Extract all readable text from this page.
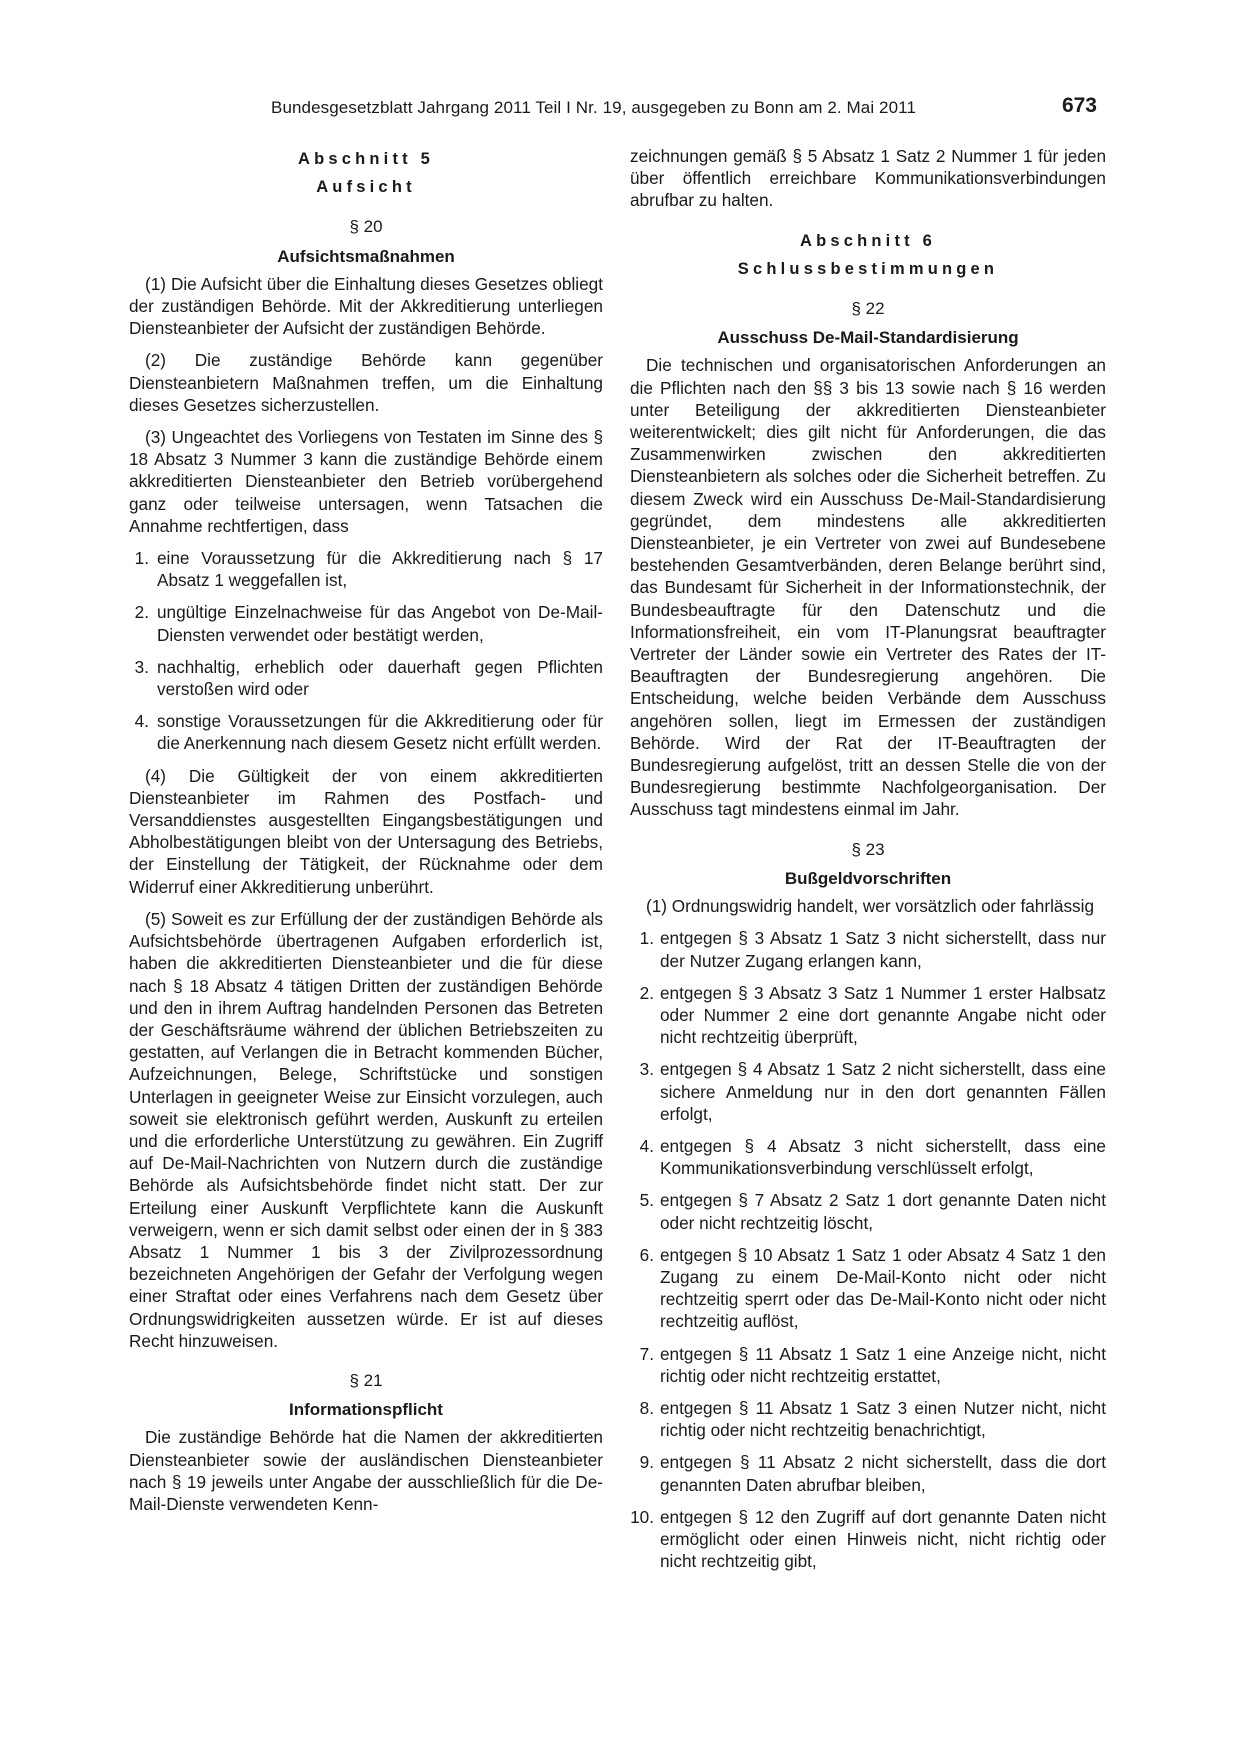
Bundesgesetzblatt Jahrgang 2011 Teil I Nr. 19, ausgegeben zu Bonn am 2. Mai 2011	673
Abschnitt 5
Aufsicht
§ 20
Aufsichtsmaßnahmen

(1) Die Aufsicht über die Einhaltung dieses Gesetzes obliegt der zuständigen Behörde. Mit der Akkreditierung unterliegen Diensteanbieter der Aufsicht der zuständigen Behörde.

(2) Die zuständige Behörde kann gegenüber Diensteanbietern Maßnahmen treffen, um die Einhaltung dieses Gesetzes sicherzustellen.

(3) Ungeachtet des Vorliegens von Testaten im Sinne des § 18 Absatz 3 Nummer 3 kann die zuständige Behörde einem akkreditierten Diensteanbieter den Betrieb vorübergehend ganz oder teilweise untersagen, wenn Tatsachen die Annahme rechtfertigen, dass

1. eine Voraussetzung für die Akkreditierung nach § 17 Absatz 1 weggefallen ist,
2. ungültige Einzelnachweise für das Angebot von De-Mail-Diensten verwendet oder bestätigt werden,
3. nachhaltig, erheblich oder dauerhaft gegen Pflichten verstoßen wird oder
4. sonstige Voraussetzungen für die Akkreditierung oder für die Anerkennung nach diesem Gesetz nicht erfüllt werden.

(4) Die Gültigkeit der von einem akkreditierten Diensteanbieter im Rahmen des Postfach- und Versanddienstes ausgestellten Eingangsbestätigungen und Abholbestätigungen bleibt von der Untersagung des Betriebs, der Einstellung der Tätigkeit, der Rücknahme oder dem Widerruf einer Akkreditierung unberührt.

(5) Soweit es zur Erfüllung der der zuständigen Behörde als Aufsichtsbehörde übertragenen Aufgaben erforderlich ist, haben die akkreditierten Diensteanbieter und die für diese nach § 18 Absatz 4 tätigen Dritten der zuständigen Behörde und den in ihrem Auftrag handelnden Personen das Betreten der Geschäftsräume während der üblichen Betriebszeiten zu gestatten, auf Verlangen die in Betracht kommenden Bücher, Aufzeichnungen, Belege, Schriftstücke und sonstigen Unterlagen in geeigneter Weise zur Einsicht vorzulegen, auch soweit sie elektronisch geführt werden, Auskunft zu erteilen und die erforderliche Unterstützung zu gewähren. Ein Zugriff auf De-Mail-Nachrichten von Nutzern durch die zuständige Behörde als Aufsichtsbehörde findet nicht statt. Der zur Erteilung einer Auskunft Verpflichtete kann die Auskunft verweigern, wenn er sich damit selbst oder einen der in § 383 Absatz 1 Nummer 1 bis 3 der Zivilprozessordnung bezeichneten Angehörigen der Gefahr der Verfolgung wegen einer Straftat oder eines Verfahrens nach dem Gesetz über Ordnungswidrigkeiten aussetzen würde. Er ist auf dieses Recht hinzuweisen.

§ 21
Informationspflicht

Die zuständige Behörde hat die Namen der akkreditierten Diensteanbieter sowie der ausländischen Diensteanbieter nach § 19 jeweils unter Angabe der ausschließlich für die De-Mail-Dienste verwendeten Kenn-

zeichnungen gemäß § 5 Absatz 1 Satz 2 Nummer 1 für jeden über öffentlich erreichbare Kommunikationsverbindungen abrufbar zu halten.

Abschnitt 6
Schlussbestimmungen
§ 22
Ausschuss De-Mail-Standardisierung

Die technischen und organisatorischen Anforderungen an die Pflichten nach den §§ 3 bis 13 sowie nach § 16 werden unter Beteiligung der akkreditierten Diensteanbieter weiterentwickelt; dies gilt nicht für Anforderungen, die das Zusammenwirken zwischen den akkreditierten Diensteanbietern als solches oder die Sicherheit betreffen. Zu diesem Zweck wird ein Ausschuss De-Mail-Standardisierung gegründet, dem mindestens alle akkreditierten Diensteanbieter, je ein Vertreter von zwei auf Bundesebene bestehenden Gesamtverbänden, deren Belange berührt sind, das Bundesamt für Sicherheit in der Informationstechnik, der Bundesbeauftragte für den Datenschutz und die Informationsfreiheit, ein vom IT-Planungsrat beauftragter Vertreter der Länder sowie ein Vertreter des Rates der IT-Beauftragten der Bundesregierung angehören. Die Entscheidung, welche beiden Verbände dem Ausschuss angehören sollen, liegt im Ermessen der zuständigen Behörde. Wird der Rat der IT-Beauftragten der Bundesregierung aufgelöst, tritt an dessen Stelle die von der Bundesregierung bestimmte Nachfolgeorganisation. Der Ausschuss tagt mindestens einmal im Jahr.

§ 23
Bußgeldvorschriften

(1) Ordnungswidrig handelt, wer vorsätzlich oder fahrlässig

1. entgegen § 3 Absatz 1 Satz 3 nicht sicherstellt, dass nur der Nutzer Zugang erlangen kann,
2. entgegen § 3 Absatz 3 Satz 1 Nummer 1 erster Halbsatz oder Nummer 2 eine dort genannte Angabe nicht oder nicht rechtzeitig überprüft,
3. entgegen § 4 Absatz 1 Satz 2 nicht sicherstellt, dass eine sichere Anmeldung nur in den dort genannten Fällen erfolgt,
4. entgegen § 4 Absatz 3 nicht sicherstellt, dass eine Kommunikationsverbindung verschlüsselt erfolgt,
5. entgegen § 7 Absatz 2 Satz 1 dort genannte Daten nicht oder nicht rechtzeitig löscht,
6. entgegen § 10 Absatz 1 Satz 1 oder Absatz 4 Satz 1 den Zugang zu einem De-Mail-Konto nicht oder nicht rechtzeitig sperrt oder das De-Mail-Konto nicht oder nicht rechtzeitig auflöst,
7. entgegen § 11 Absatz 1 Satz 1 eine Anzeige nicht, nicht richtig oder nicht rechtzeitig erstattet,
8. entgegen § 11 Absatz 1 Satz 3 einen Nutzer nicht, nicht richtig oder nicht rechtzeitig benachrichtigt,
9. entgegen § 11 Absatz 2 nicht sicherstellt, dass die dort genannten Daten abrufbar bleiben,
10. entgegen § 12 den Zugriff auf dort genannte Daten nicht ermöglicht oder einen Hinweis nicht, nicht richtig oder nicht rechtzeitig gibt,
